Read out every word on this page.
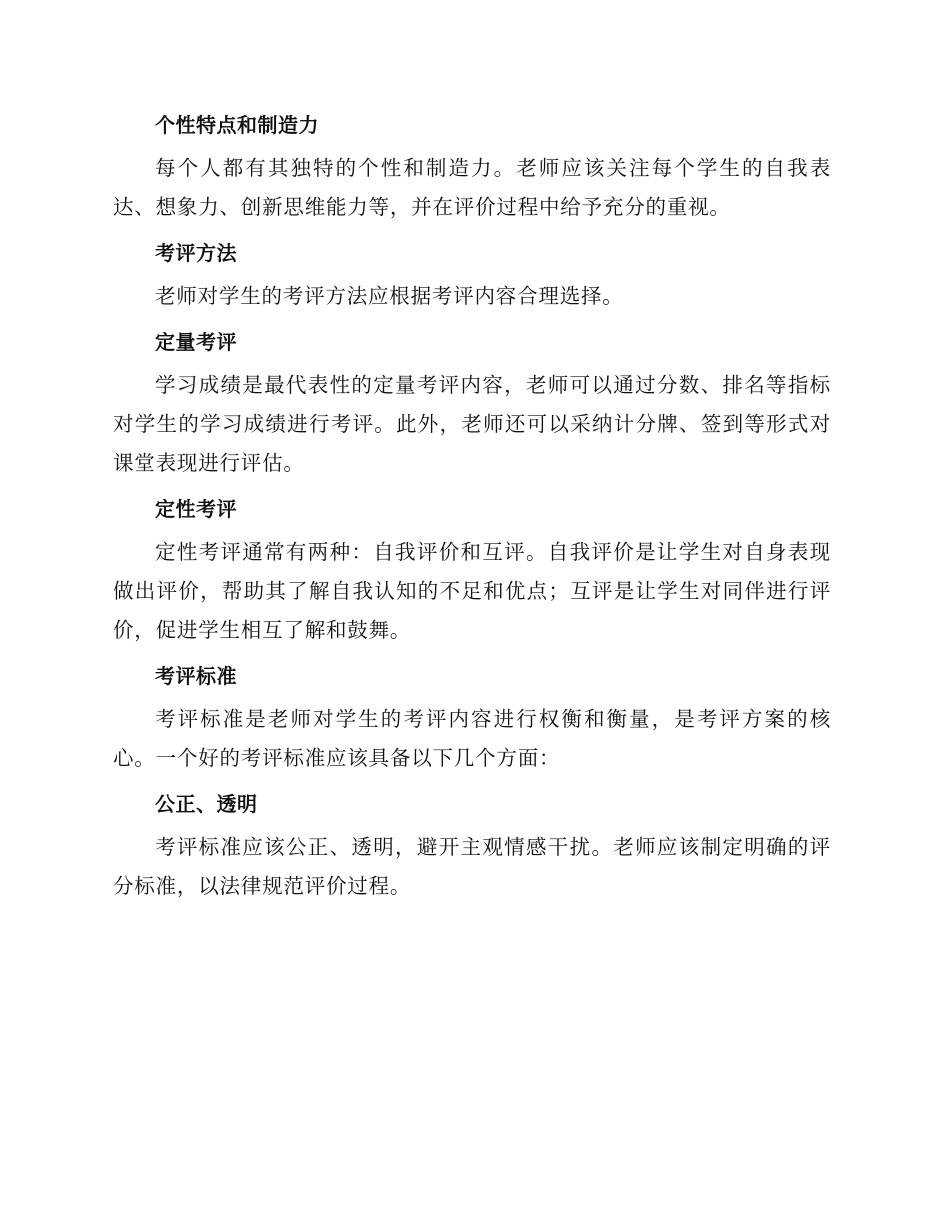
个性特点和制造力

每个人都有其独特的个性和制造力。老师应该关注每个学生的自我表达、想象力、创新思维能力等，并在评价过程中给予充分的重视。

考评方法

老师对学生的考评方法应根据考评内容合理选择。

定量考评

学习成绩是最代表性的定量考评内容，老师可以通过分数、排名等指标对学生的学习成绩进行考评。此外，老师还可以采纳计分牌、签到等形式对课堂表现进行评估。

定性考评

定性考评通常有两种：自我评价和互评。自我评价是让学生对自身表现做出评价，帮助其了解自我认知的不足和优点；互评是让学生对同伴进行评价，促进学生相互了解和鼓舞。

考评标准

考评标准是老师对学生的考评内容进行权衡和衡量，是考评方案的核心。一个好的考评标准应该具备以下几个方面：

公正、透明

考评标准应该公正、透明，避开主观情感干扰。老师应该制定明确的评分标准，以法律规范评价过程。
